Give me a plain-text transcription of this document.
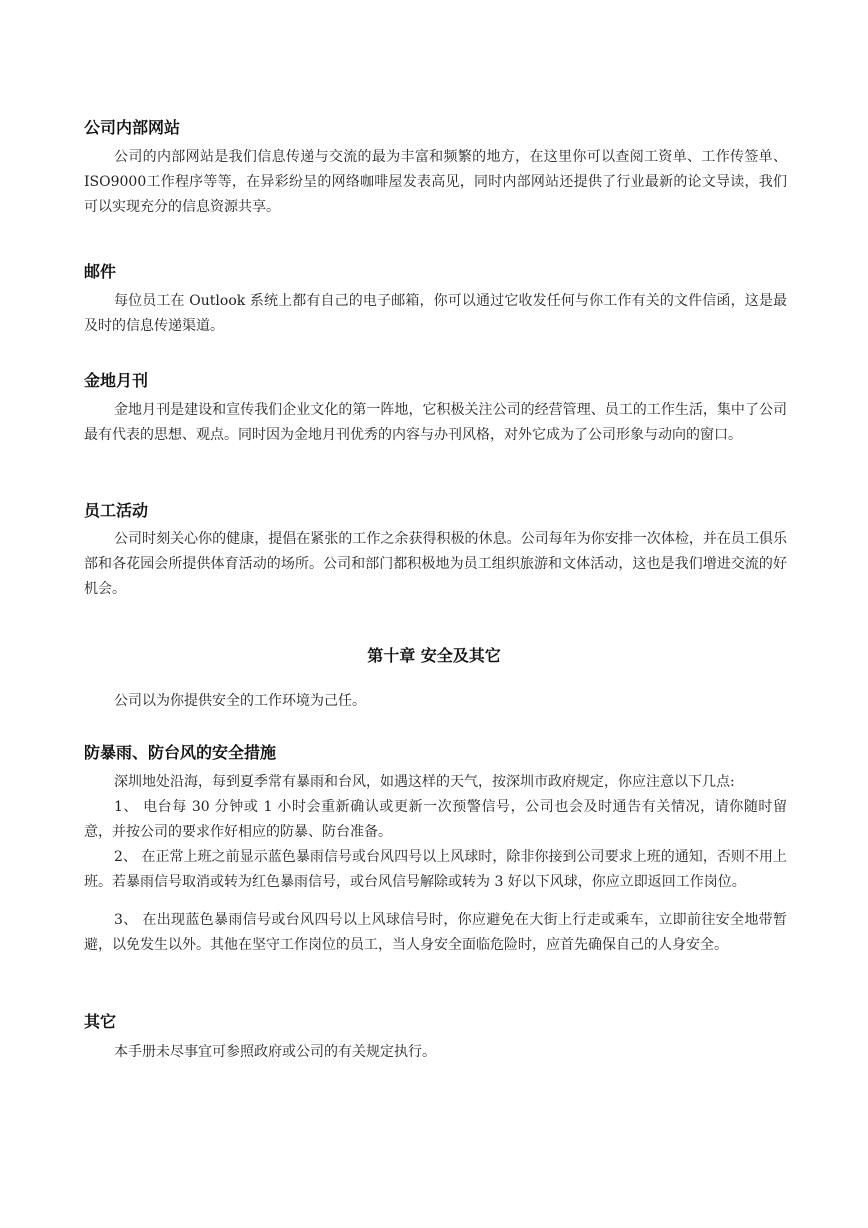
公司内部网站

公司的内部网站是我们信息传递与交流的最为丰富和频繁的地方，在这里你可以查阅工资单、工作传签单、ISO9000工作程序等等，在异彩纷呈的网络咖啡屋发表高见，同时内部网站还提供了行业最新的论文导读，我们可以实现充分的信息资源共享。

邮件

每位员工在 Outlook 系统上都有自己的电子邮箱，你可以通过它收发任何与你工作有关的文件信函，这是最及时的信息传递渠道。

金地月刊

金地月刊是建设和宣传我们企业文化的第一阵地，它积极关注公司的经营管理、员工的工作生活，集中了公司最有代表的思想、观点。同时因为金地月刊优秀的内容与办刊风格，对外它成为了公司形象与动向的窗口。

员工活动

公司时刻关心你的健康，提倡在紧张的工作之余获得积极的休息。公司每年为你安排一次体检，并在员工俱乐部和各花园会所提供体育活动的场所。公司和部门都积极地为员工组织旅游和文体活动，这也是我们增进交流的好机会。

第十章 安全及其它

公司以为你提供安全的工作环境为己任。

防暴雨、防台风的安全措施
深圳地处沿海，每到夏季常有暴雨和台风，如遇这样的天气，按深圳市政府规定，你应注意以下几点:

1、 电台每 30 分钟或 1 小时会重新确认或更新一次预警信号，公司也会及时通告有关情况，请你随时留意，并按公司的要求作好相应的防暴、防台准备。

2、 在正常上班之前显示蓝色暴雨信号或台风四号以上风球时，除非你接到公司要求上班的通知，否则不用上班。若暴雨信号取消或转为红色暴雨信号，或台风信号解除或转为 3 好以下风球，你应立即返回工作岗位。

3、 在出现蓝色暴雨信号或台风四号以上风球信号时，你应避免在大街上行走或乘车，立即前往安全地带暂避，以免发生以外。其他在坚守工作岗位的员工，当人身安全面临危险时，应首先确保自己的人身安全。

其它

本手册未尽事宜可参照政府或公司的有关规定执行。
